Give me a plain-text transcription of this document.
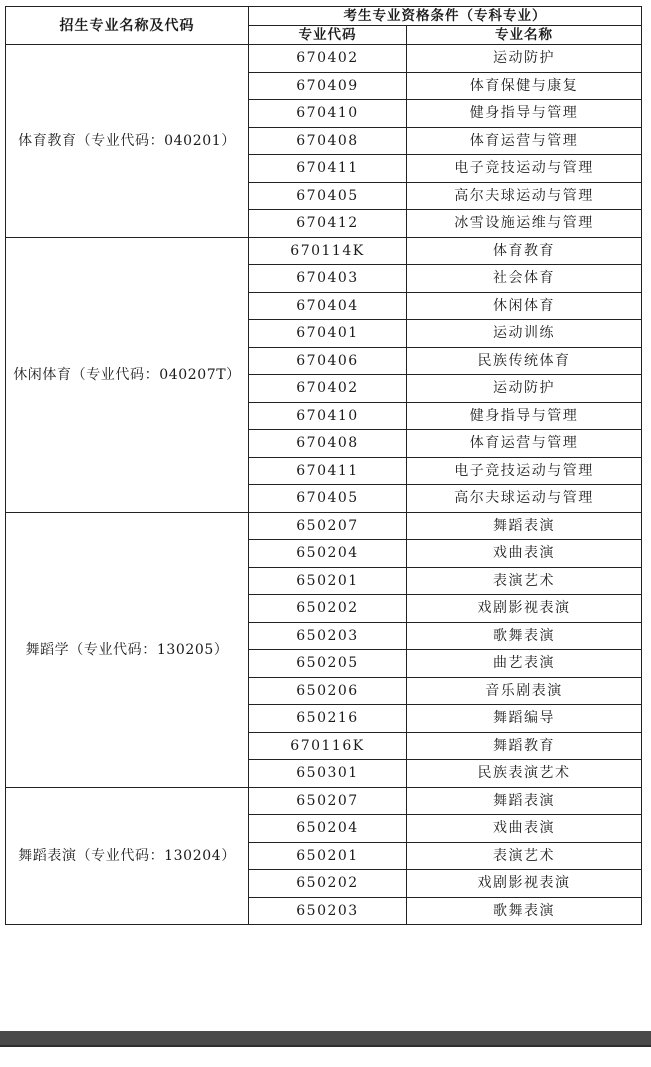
招生专业名称及代码	考生专业资格条件（专科专业）	
	专业代码	专业名称
体育教育（专业代码：040201）	670402	运动防护
	670409	体育保健与康复
	670410	健身指导与管理
	670408	体育运营与管理
	670411	电子竞技运动与管理
	670405	高尔夫球运动与管理
	670412	冰雪设施运维与管理
休闲体育（专业代码：040207T）	670114K	体育教育
	670403	社会体育
	670404	休闲体育
	670401	运动训练
	670406	民族传统体育
	670402	运动防护
	670410	健身指导与管理
	670408	体育运营与管理
	670411	电子竞技运动与管理
	670405	高尔夫球运动与管理
舞蹈学（专业代码：130205）	650207	舞蹈表演
	650204	戏曲表演
	650201	表演艺术
	650202	戏剧影视表演
	650203	歌舞表演
	650205	曲艺表演
	650206	音乐剧表演
	650216	舞蹈编导
	670116K	舞蹈教育
	650301	民族表演艺术
舞蹈表演（专业代码：130204）	650207	舞蹈表演
	650204	戏曲表演
	650201	表演艺术
	650202	戏剧影视表演
	650203	歌舞表演
